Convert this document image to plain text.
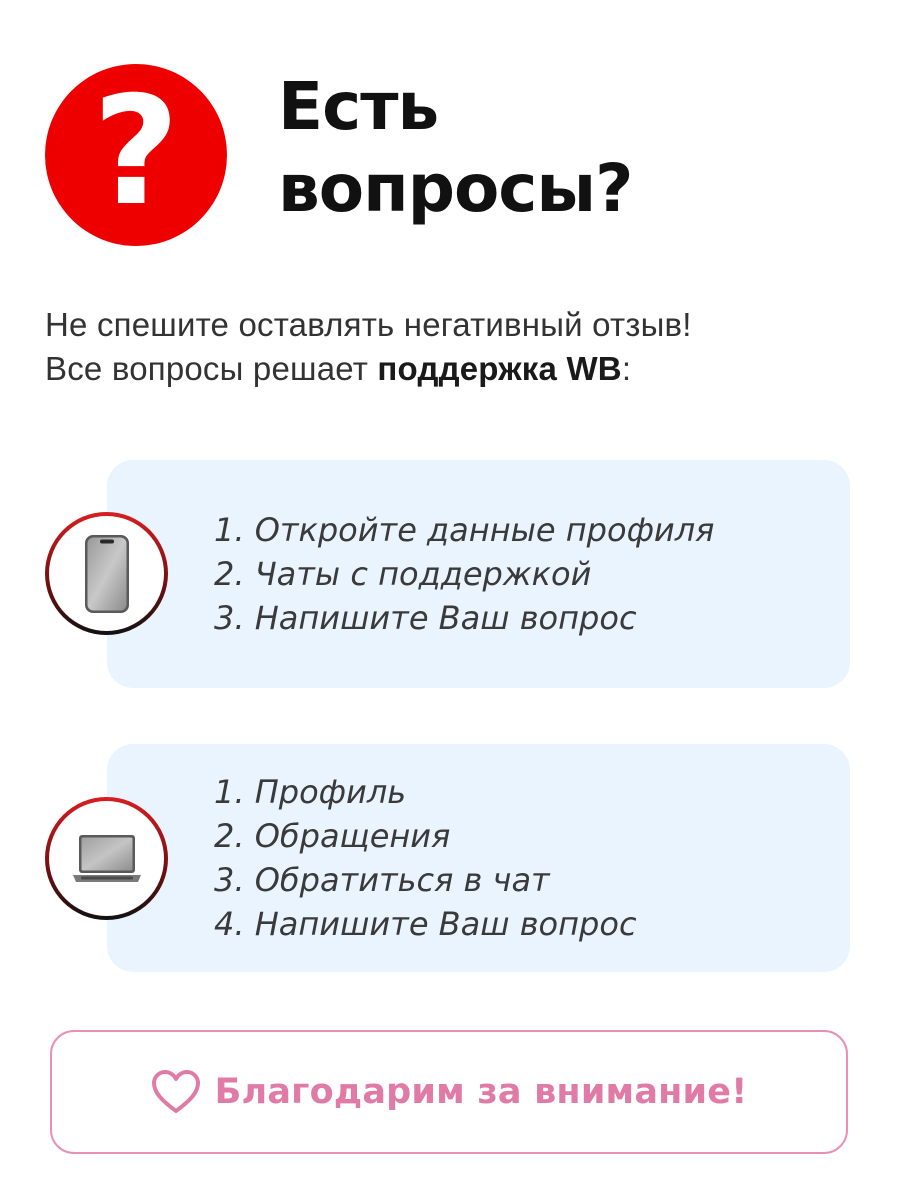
? Есть
вопросы?

Не спешите оставлять негативный отзыв!

Все вопросы решает поддержка WB:

1. Откройте данные профиля
2. Чаты с поддержкой
3. Напишите Ваш вопрос
1. Профиль
2. Обращения
3. Обратиться в чат
4. Напишите Ваш вопрос
Благодарим за внимание!
